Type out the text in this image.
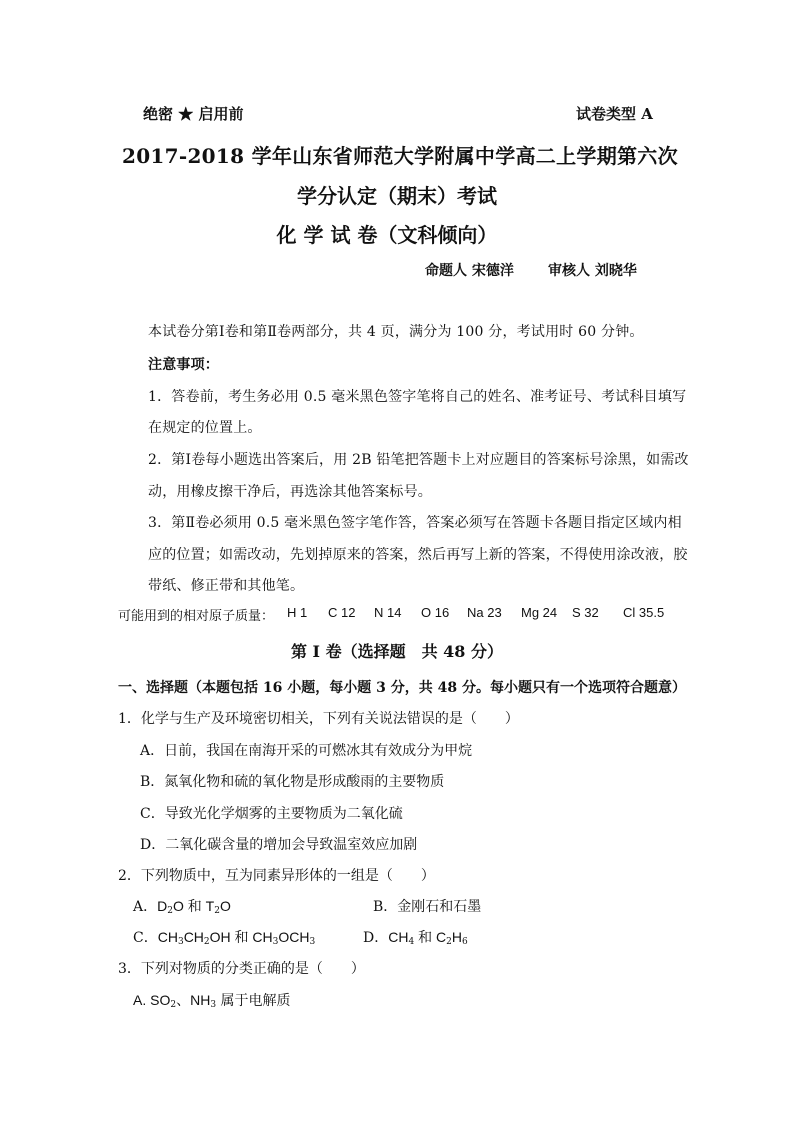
绝密 ★ 启用前	试卷类型 A
2017-2018 学年山东省师范大学附属中学高二上学期第六次
学分认定（期末）考试
化 学 试 卷（文科倾向）
命题人 宋德洋 审核人 刘晓华
本试卷分第Ⅰ卷和第Ⅱ卷两部分，共 4 页，满分为 100 分，考试用时 60 分钟。
注意事项：
1．答卷前，考生务必用 0.5 毫米黑色签字笔将自己的姓名、准考证号、考试科目填写
在规定的位置上。
2．第Ⅰ卷每小题选出答案后，用 2B 铅笔把答题卡上对应题目的答案标号涂黑，如需改
动，用橡皮擦干净后，再选涂其他答案标号。
3．第Ⅱ卷必须用 0.5 毫米黑色签字笔作答，答案必须写在答题卡各题目指定区域内相
应的位置；如需改动，先划掉原来的答案，然后再写上新的答案，不得使用涂改液，胶
带纸、修正带和其他笔。
可能用到的相对原子质量： H 1 C 12 N 14 O 16 Na 23 Mg 24 S 32 Cl 35.5
第 I 卷（选择题　共 48 分）
一、选择题（本题包括 16 小题，每小题 3 分，共 48 分。每小题只有一个选项符合题意）
1．化学与生产及环境密切相关，下列有关说法错误的是（　　）
A．日前，我国在南海开采的可燃冰其有效成分为甲烷
B．氮氧化物和硫的氧化物是形成酸雨的主要物质
C．导致光化学烟雾的主要物质为二氧化硫
D．二氧化碳含量的增加会导致温室效应加剧
2．下列物质中，互为同素异形体的一组是（　　）
A．$D_2O$ 和 $T_2O$	B．金刚石和石墨
C．$CH_3CH_2OH$ 和 $CH_3OCH_3$	D．$CH_4$ 和 $C_2H_6$
3．下列对物质的分类正确的是（　　）
A. $SO_2$、$NH_3$ 属于电解质
